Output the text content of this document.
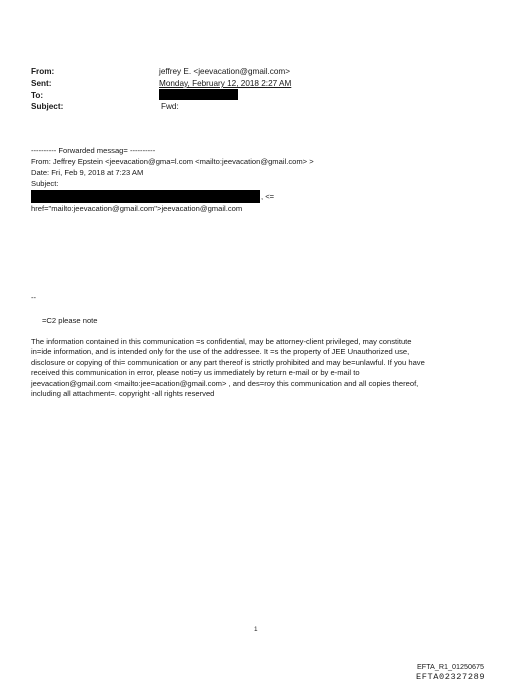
From:
Sent:
To:
Subject:
jeffrey E. <jeevacation@gmail.com>
Monday, February 12, 2018 2:27 AM
Fwd:
---------- Forwarded messag= ----------
From: Jeffrey Epstein <jeevacation@gma=l.com <mailto:jeevacation@gmail.com> >
Date: Fri, Feb 9, 2018 at 7:23 AM
Subject:
, <=
href="mailto:jeevacation@gmail.com">jeevacation@gmail.com
--
=C2 please note
The information contained in this communication =s confidential, may be attorney-client privileged, may constitute
in=ide information, and is intended only for the use of the addressee. It =s the property of JEE Unauthorized use,
disclosure or copying of thi= communication or any part thereof is strictly prohibited and may be=unlawful. If you have
received this communication in error, please noti=y us immediately by return e-mail or by e-mail to
jeevacation@gmail.com <mailto:jee=acation@gmail.com> , and des=roy this communication and all copies thereof,
including all attachment=. copyright -all rights reserved
1
EFTA_R1_01250675
EFTA02327289
